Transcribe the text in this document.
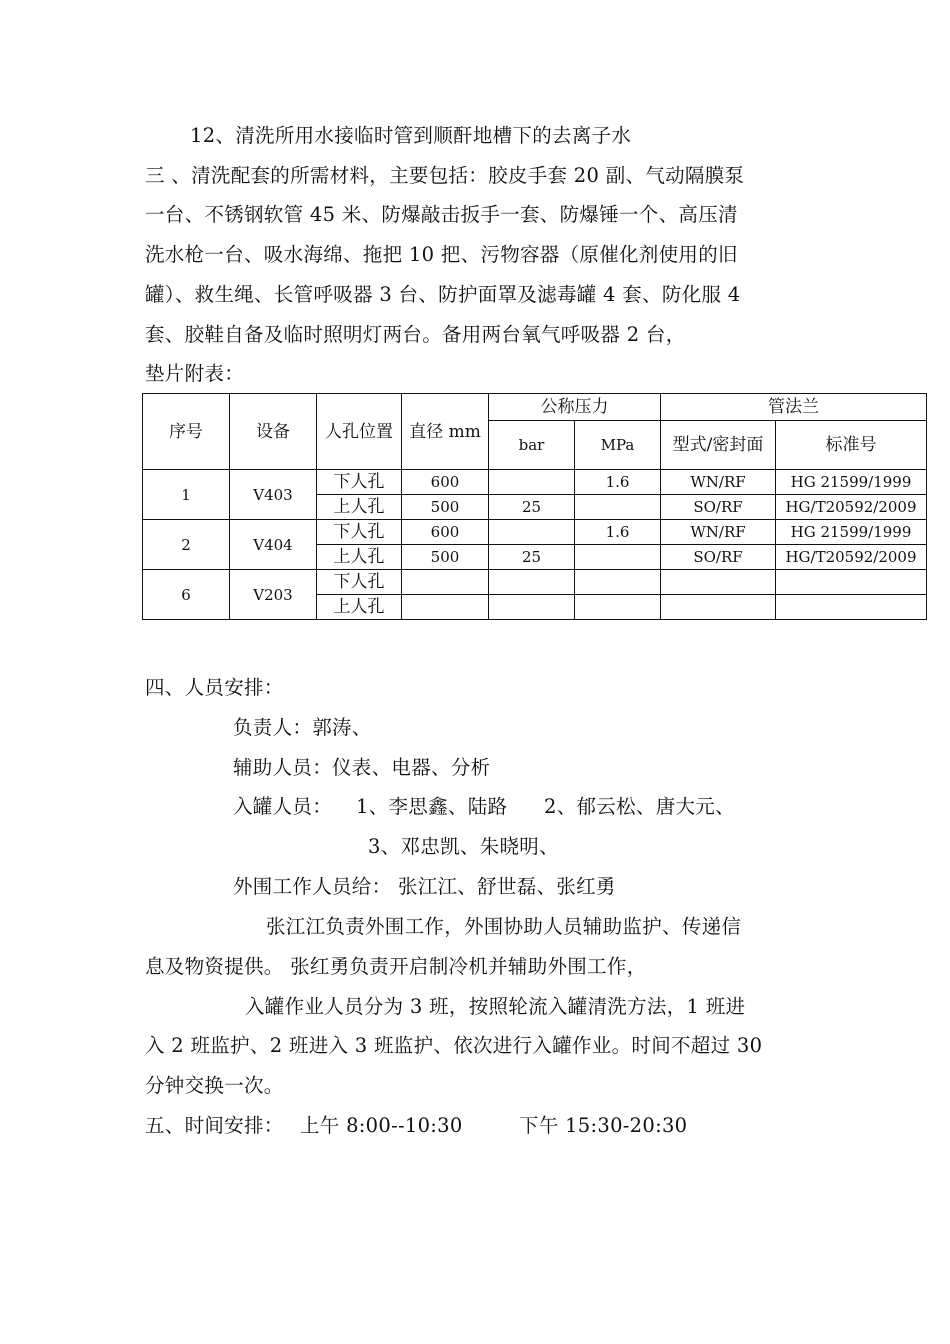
12、清洗所用水接临时管到顺酐地槽下的去离子水
三 、清洗配套的所需材料，主要包括：胶皮手套 20 副、气动隔膜泵
一台、不锈钢软管 45 米、防爆敲击扳手一套、防爆锤一个、高压清
洗水枪一台、吸水海绵、拖把 10 把、污物容器（原催化剂使用的旧
罐）、救生绳、长管呼吸器 3 台、防护面罩及滤毒罐 4 套、防化服 4
套、胶鞋自备及临时照明灯两台。备用两台氧气呼吸器 2 台，
垫片附表：
序号	设备	人孔位置	直径 mm	公称压力		管法兰	
				bar	MPa	型式/密封面	标准号
1	V403	下人孔	600		1.6	WN/RF	HG 21599/1999
		上人孔	500	25		SO/RF	HG/T20592/2009
2	V404	下人孔	600		1.6	WN/RF	HG 21599/1999
		上人孔	500	25		SO/RF	HG/T20592/2009
6	V203	下人孔					
		上人孔					
四、人员安排：
负责人：郭涛、
辅助人员：仪表、电器、分析
入罐人员： 1、李思鑫、陆路 2、郁云松、唐大元、
3、邓忠凯、朱晓明、
外围工作人员给： 张江江、舒世磊、张红勇
张江江负责外围工作，外围协助人员辅助监护、传递信
息及物资提供。 张红勇负责开启制冷机并辅助外围工作，
入罐作业人员分为 3 班，按照轮流入罐清洗方法，1 班进
入 2 班监护、2 班进入 3 班监护、依次进行入罐作业。时间不超过 30
分钟交换一次。
五、时间安排： 上午 8:00--10:30	下午 15:30-20:30
